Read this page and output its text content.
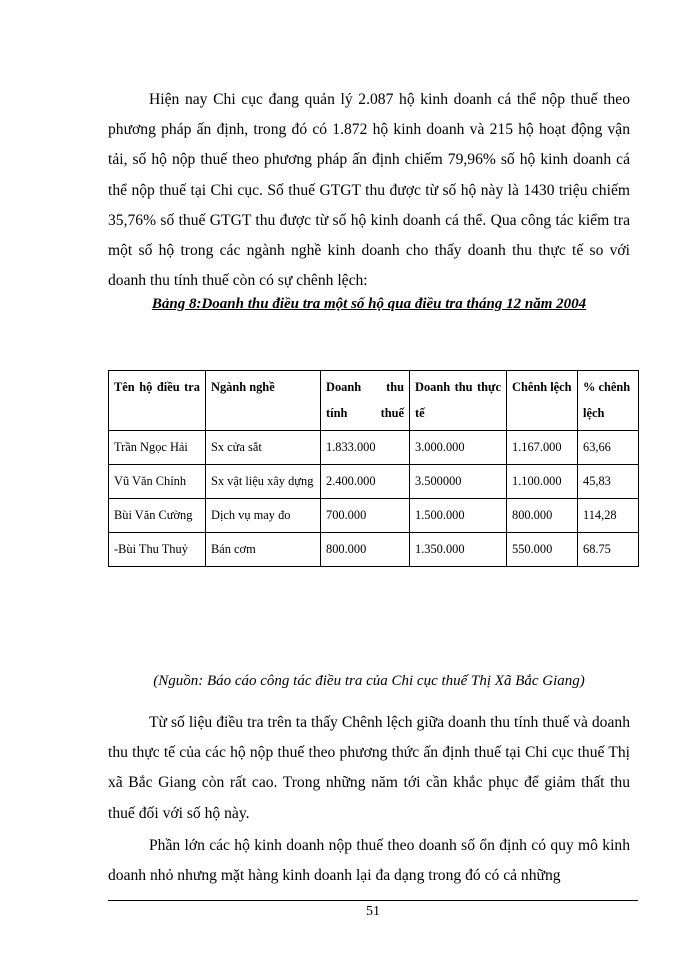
Hiện nay Chi cục đang quản lý 2.087 hộ kinh doanh cá thể nộp thuế theo phương pháp ấn định, trong đó có 1.872 hộ kinh doanh và 215 hộ hoạt động vận tải, số hộ nộp thuế theo phương pháp ấn định chiếm 79,96% số hộ kinh doanh cá thể nộp thuế tại Chi cục. Số thuế GTGT thu được từ số hộ này là 1430 triệu chiếm 35,76% số thuế GTGT thu được từ số hộ kinh doanh cá thể. Qua công tác kiểm tra một số hộ trong các ngành nghề kinh doanh cho thấy doanh thu thực tế so với doanh thu tính thuế còn có sự chênh lệch:

Bảng 8:Doanh thu điều tra một số hộ qua điều tra tháng 12 năm 2004

Tên hộ điều tra	Ngành nghề	Doanh thu tính thuế	Doanh thu thực tế	Chênh lệch	% chênh lệch
Trần Ngọc Hải	Sx cửa sắt	1.833.000	3.000.000	1.167.000	63,66
Vũ Văn Chính	Sx vật liệu xây dựng	2.400.000	3.500000	1.100.000	45,83
Bùi Văn Cường	Dịch vụ may đo	700.000	1.500.000	800.000	114,28
-Bùi Thu Thuỷ	Bán cơm	800.000	1.350.000	550.000	68.75

(Nguồn: Báo cáo công tác điều tra của Chi cục thuế Thị Xã Bắc Giang)

Từ số liệu điều tra trên ta thấy Chênh lệch giữa doanh thu tính thuế và doanh thu thực tế của các hộ nộp thuế theo phương thức ấn định thuế tại Chi cục thuế Thị xã Bắc Giang còn rất cao. Trong những năm tới cần khắc phục để giảm thất thu thuế đối với số hộ này.

Phần lớn các hộ kinh doanh nộp thuế theo doanh số ổn định có quy mô kinh doanh nhỏ nhưng mặt hàng kinh doanh lại đa dạng trong đó có cả những

51
